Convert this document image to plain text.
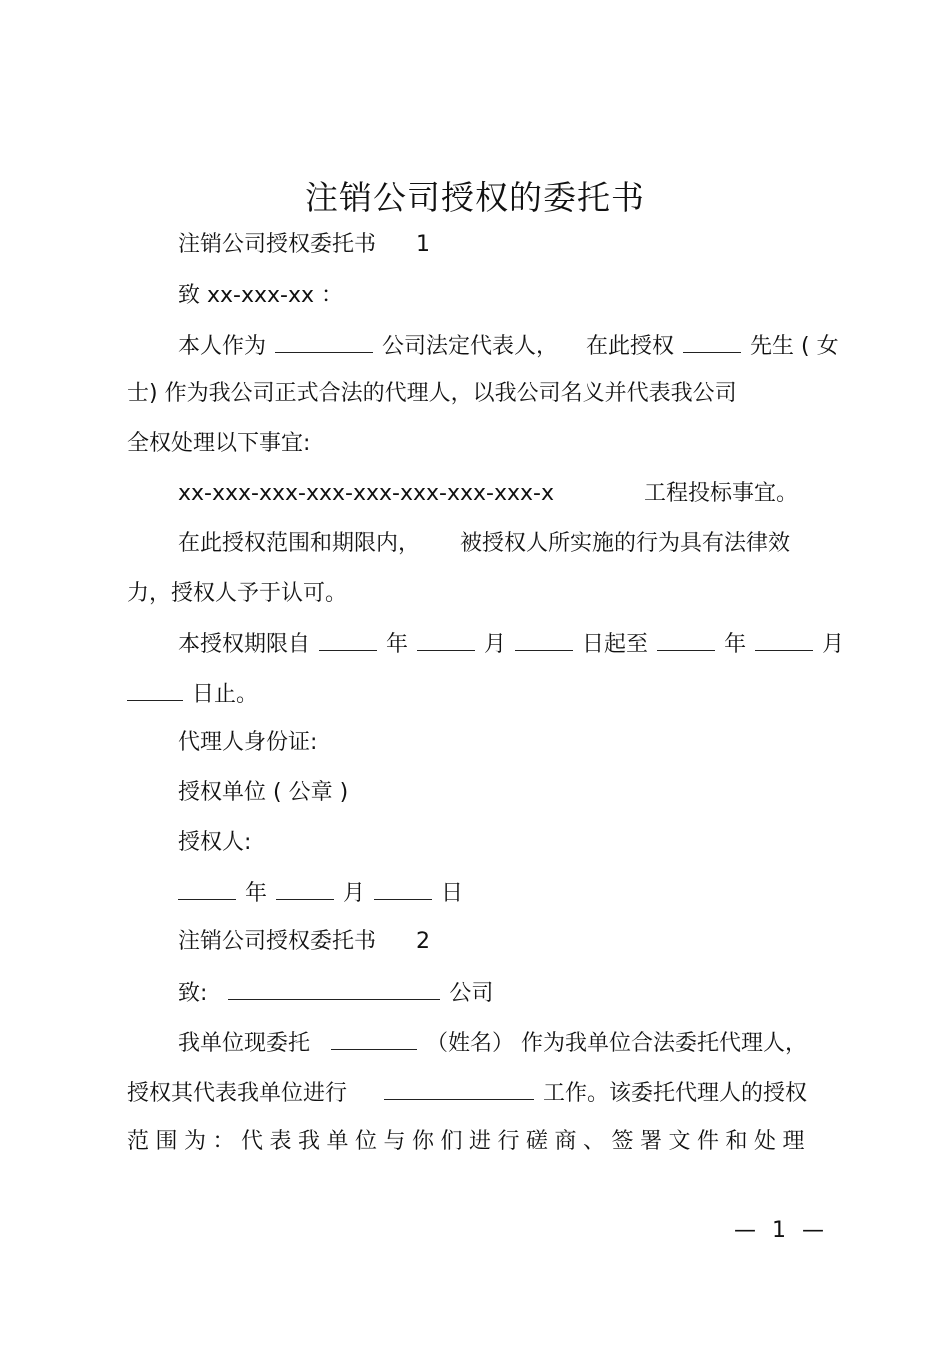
注销公司授权的委托书
注销公司授权委托书 1
致 xx-xxx-xx ：
本人作为	公司法定代表人， 在此授权	先生 ( 女
士) 作为我公司正式合法的代理人，以我公司名义并代表我公司
全权处理以下事宜:
xx-xxx-xxx-xxx-xxx-xxx-xxx-xxx-x	工程投标事宜。
在此授权范围和期限内， 被授权人所实施的行为具有法律效
力，授权人予于认可。
本授权期限自	年	月	日起至	年	月
日止。
代理人身份证:
授权单位 ( 公章 )
授权人:
年	月	日
注销公司授权委托书 2
致:	公司
我单位现委托	（姓名） 作为我单位合法委托代理人，
授权其代表我单位进行	工作。该委托代理人的授权
范围为：代表我单位与你们进行磋商、签署文件和处理
— 1 —
